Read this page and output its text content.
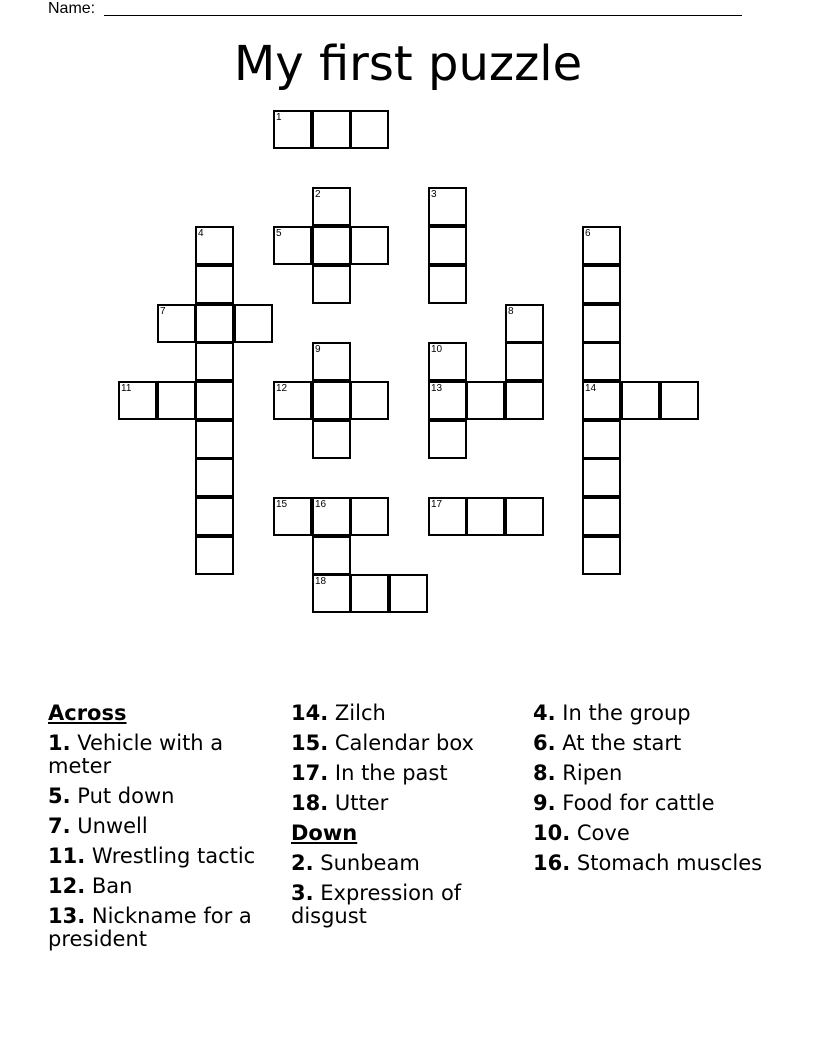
Name:
My first puzzle
1
2	3
4	5	6
7	8
9	10
11	12	13	14
15	16	17
18
Across
1. Vehicle with a meter
5. Put down
7. Unwell
11. Wrestling tactic
12. Ban
13. Nickname for a president
14. Zilch
15. Calendar box
17. In the past
18. Utter
Down
2. Sunbeam
3. Expression of disgust
4. In the group
6. At the start
8. Ripen
9. Food for cattle
10. Cove
16. Stomach muscles
